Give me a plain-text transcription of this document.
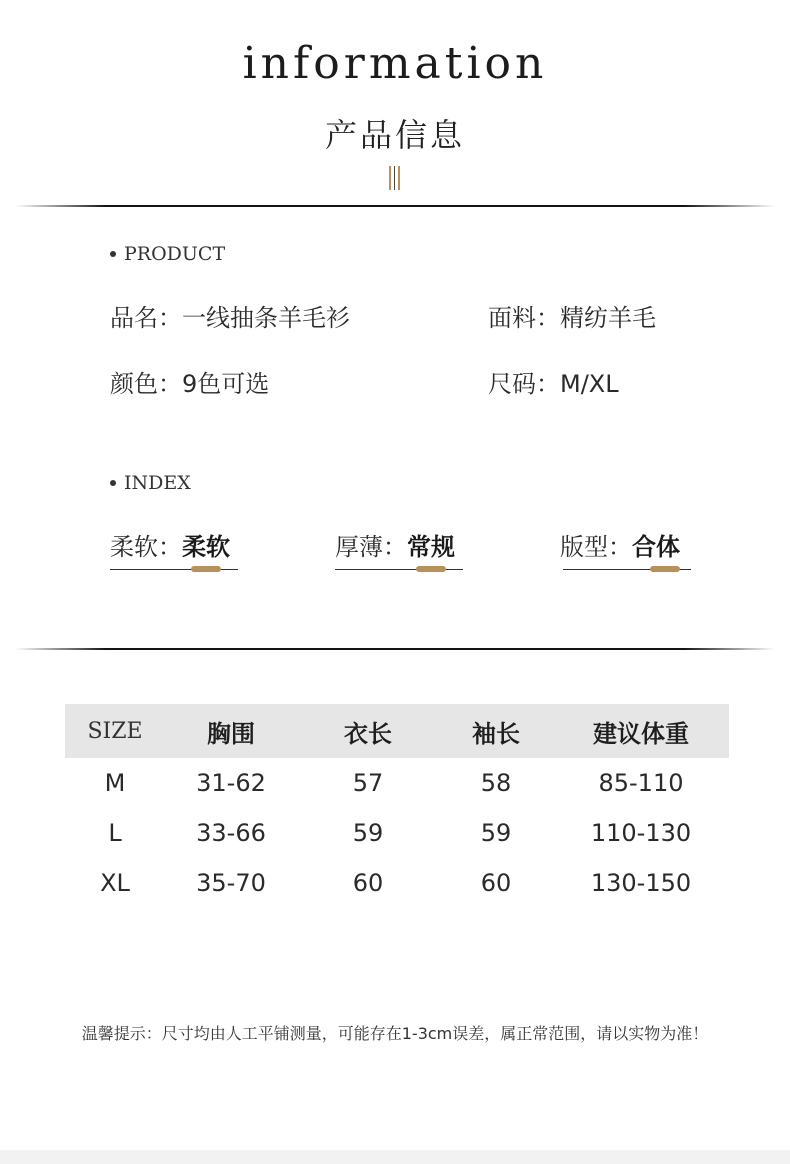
information
产品信息
PRODUCT
品名：一线抽条羊毛衫	面料：精纺羊毛
颜色：9色可选	尺码：M/XL
INDEX
柔软：柔软	厚薄：常规	版型：合体
SIZE	胸围	衣长	袖长	建议体重
M	31-62	57	58	85-110
L	33-66	59	59	110-130
XL	35-70	60	60	130-150
温馨提示：尺寸均由人工平铺测量，可能存在1-3cm误差，属正常范围，请以实物为准！
